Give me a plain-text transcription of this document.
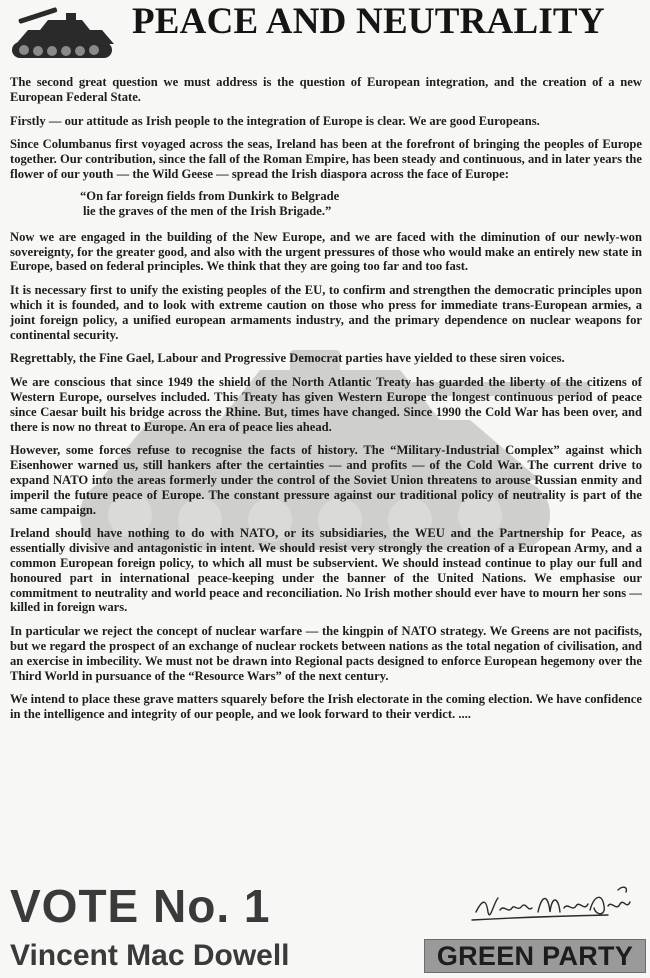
PEACE AND NEUTRALITY

The second great question we must address is the question of European integration, and the creation of a new European Federal State.

Firstly — our attitude as Irish people to the integration of Europe is clear. We are good Europeans.

Since Columbanus first voyaged across the seas, Ireland has been at the forefront of bringing the peoples of Europe together. Our contribution, since the fall of the Roman Empire, has been steady and continuous, and in later years the flower of our youth — the Wild Geese — spread the Irish diaspora across the face of Europe:

“On far foreign fields from Dunkirk to Belgrade
lie the graves of the men of the Irish Brigade.”

Now we are engaged in the building of the New Europe, and we are faced with the diminution of our newly-won sovereignty, for the greater good, and also with the urgent pressures of those who would make an entirely new state in Europe, based on federal principles. We think that they are going too far and too fast.

It is necessary first to unify the existing peoples of the EU, to confirm and strengthen the democratic principles upon which it is founded, and to look with extreme caution on those who press for immediate trans-European armies, a joint foreign policy, a unified european armaments industry, and the primary dependence on nuclear weapons for continental security.

Regrettably, the Fine Gael, Labour and Progressive Democrat parties have yielded to these siren voices.

We are conscious that since 1949 the shield of the North Atlantic Treaty has guarded the liberty of the citizens of Western Europe, ourselves included. This Treaty has given Western Europe the longest continuous period of peace since Caesar built his bridge across the Rhine. But, times have changed. Since 1990 the Cold War has been over, and there is now no threat to Europe. An era of peace lies ahead.

However, some forces refuse to recognise the facts of history. The “Military-Industrial Complex” against which Eisenhower warned us, still hankers after the certainties — and profits — of the Cold War. The current drive to expand NATO into the areas formerly under the control of the Soviet Union threatens to arouse Russian enmity and imperil the future peace of Europe. The constant pressure against our traditional policy of neutrality is part of the same campaign.

Ireland should have nothing to do with NATO, or its subsidiaries, the WEU and the Partnership for Peace, as essentially divisive and antagonistic in intent. We should resist very strongly the creation of a European Army, and a common European foreign policy, to which all must be subservient. We should instead continue to play our full and honoured part in international peace-keeping under the banner of the United Nations. We emphasise our commitment to neutrality and world peace and reconciliation. No Irish mother should ever have to mourn her sons — killed in foreign wars.

In particular we reject the concept of nuclear warfare — the kingpin of NATO strategy. We Greens are not pacifists, but we regard the prospect of an exchange of nuclear rockets between nations as the total negation of civilisation, and an exercise in imbecility. We must not be drawn into Regional pacts designed to enforce European hegemony over the Third World in pursuance of the “Resource Wars” of the next century.

We intend to place these grave matters squarely before the Irish electorate in the coming election. We have confidence in the intelligence and integrity of our people, and we look forward to their verdict. ....

VOTE No. 1
Vincent Mac Dowell	GREEN PARTY
